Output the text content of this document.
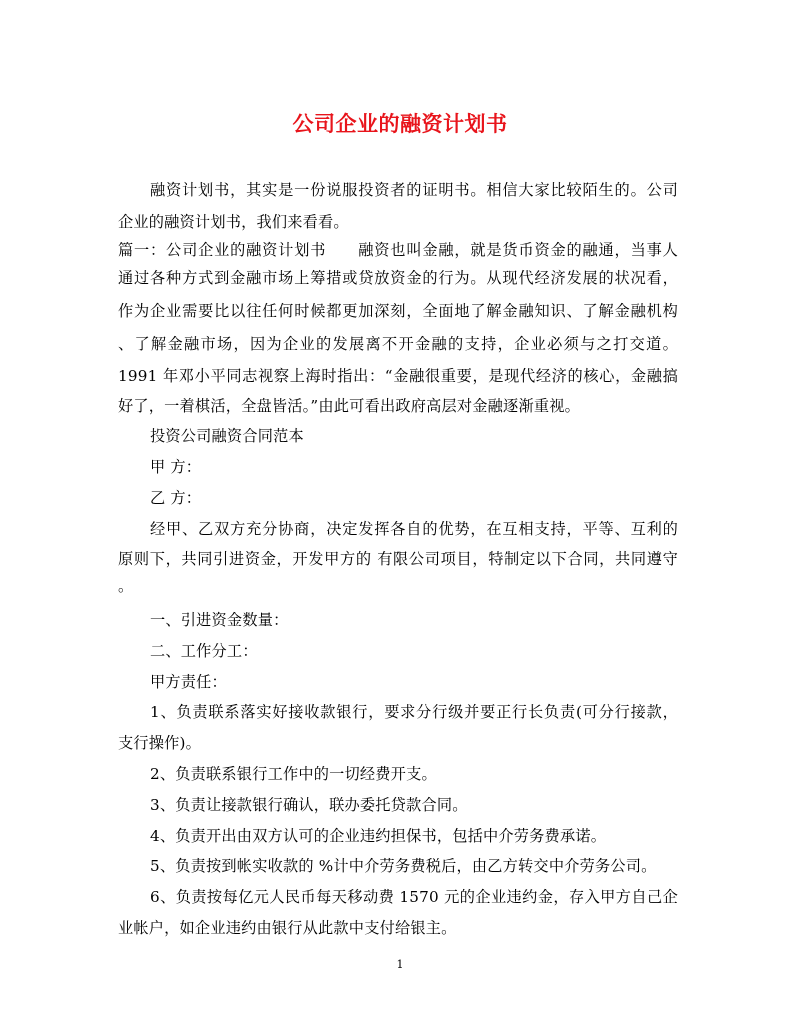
公司企业的融资计划书
融资计划书，其实是一份说服投资者的证明书。相信大家比较陌生的。公司
企业的融资计划书，我们来看看。
篇一：公司企业的融资计划书　　融资也叫金融，就是货币资金的融通，当事人
通过各种方式到金融市场上筹措或贷放资金的行为。从现代经济发展的状况看，
作为企业需要比以往任何时候都更加深刻，全面地了解金融知识、了解金融机构
、了解金融市场，因为企业的发展离不开金融的支持，企业必须与之打交道。
1991 年邓小平同志视察上海时指出：“金融很重要，是现代经济的核心，金融搞
好了，一着棋活，全盘皆活。”由此可看出政府高层对金融逐渐重视。
投资公司融资合同范本
甲 方：
乙 方：
经甲、乙双方充分协商，决定发挥各自的优势，在互相支持，平等、互利的
原则下，共同引进资金，开发甲方的 有限公司项目，特制定以下合同，共同遵守
。
一、引进资金数量：
二、工作分工：
甲方责任：
1、负责联系落实好接收款银行，要求分行级并要正行长负责(可分行接款，
支行操作)。
2、负责联系银行工作中的一切经费开支。
3、负责让接款银行确认，联办委托贷款合同。
4、负责开出由双方认可的企业违约担保书，包括中介劳务费承诺。
5、负责按到帐实收款的 %计中介劳务费税后，由乙方转交中介劳务公司。
6、负责按每亿元人民币每天移动费 1570 元的企业违约金，存入甲方自己企
业帐户，如企业违约由银行从此款中支付给银主。
1
